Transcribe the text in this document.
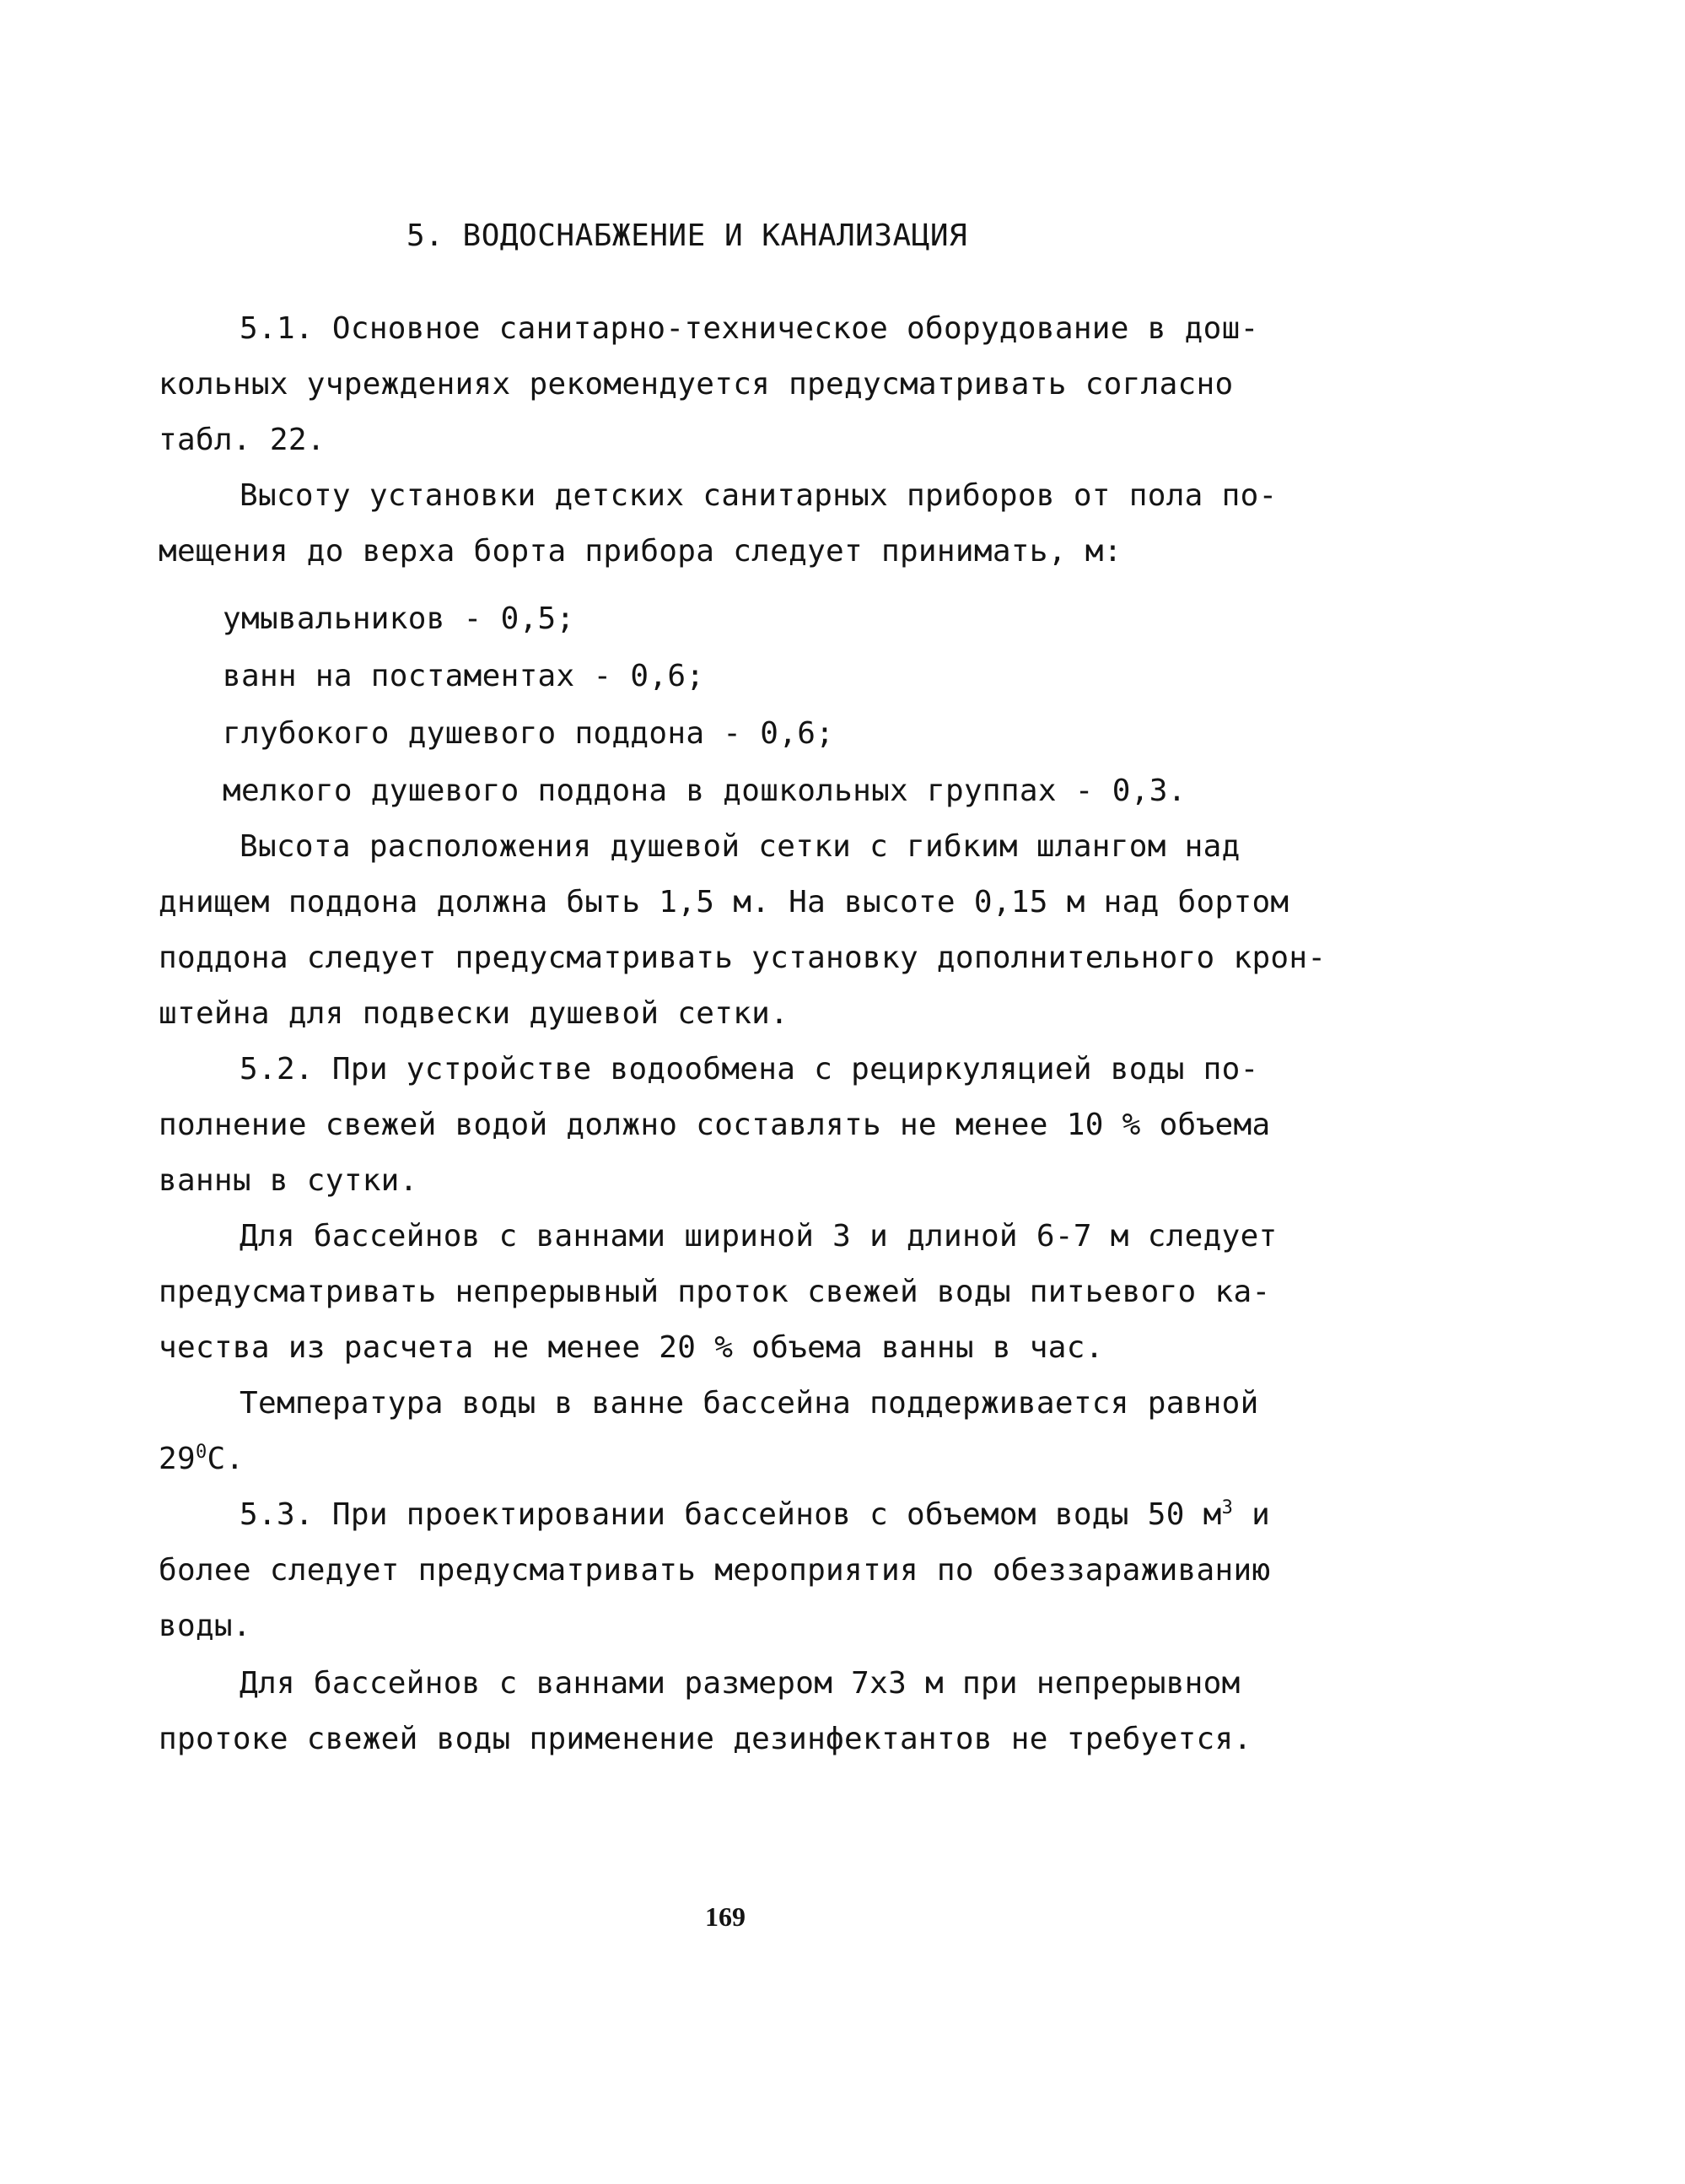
5. ВОДОСНАБЖЕНИЕ И КАНАЛИЗАЦИЯ
5.1. Основное санитарно-техническое оборудование в дош-
кольных учреждениях рекомендуется предусматривать согласно
табл. 22.
Высоту установки детских санитарных приборов от пола по-
мещения до верха борта прибора следует принимать, м:
умывальников - 0,5;
ванн на постаментах - 0,6;
глубокого душевого поддона - 0,6;
мелкого душевого поддона в дошкольных группах - 0,3.
Высота расположения душевой сетки с гибким шлангом над
днищем поддона должна быть 1,5 м. На высоте 0,15 м над бортом
поддона следует предусматривать установку дополнительного крон-
штейна для подвески душевой сетки.
5.2. При устройстве водообмена с рециркуляцией воды по-
полнение свежей водой должно составлять не менее 10 % объема
ванны в сутки.
Для бассейнов с ваннами шириной 3 и длиной 6-7 м следует
предусматривать непрерывный проток свежей воды питьевого ка-
чества из расчета не менее 20 % объема ванны в час.
Температура воды в ванне бассейна поддерживается равной
$29^0С$.
5.3. При проектировании бассейнов с объемом воды 50 $м^3$ и
более следует предусматривать мероприятия по обеззараживанию
воды.
Для бассейнов с ваннами размером 7х3 м при непрерывном
протоке свежей воды применение дезинфектантов не требуется.
169
